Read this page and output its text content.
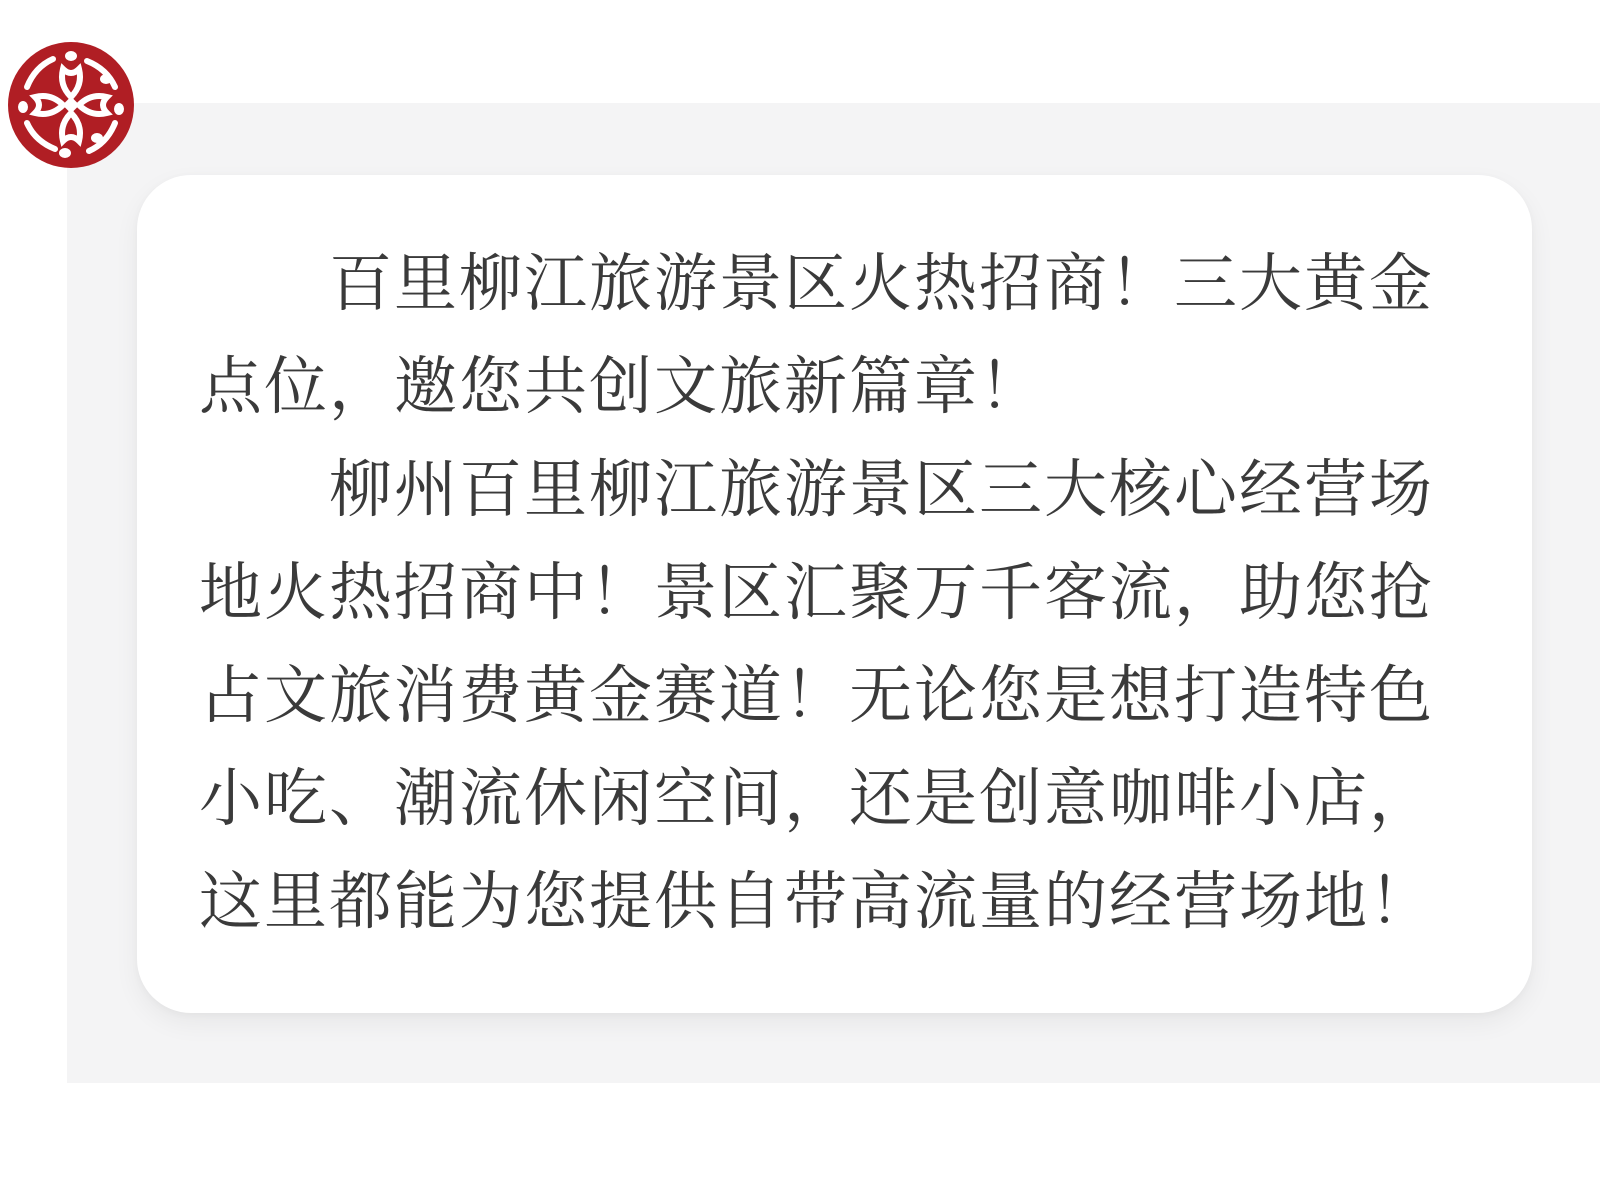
　　百里柳江旅游景区火热招商！三大黄金
点位，邀您共创文旅新篇章！
　　柳州百里柳江旅游景区三大核心经营场
地火热招商中！景区汇聚万千客流，助您抢
占文旅消费黄金赛道！无论您是想打造特色
小吃、潮流休闲空间，还是创意咖啡小店，
这里都能为您提供自带高流量的经营场地！
